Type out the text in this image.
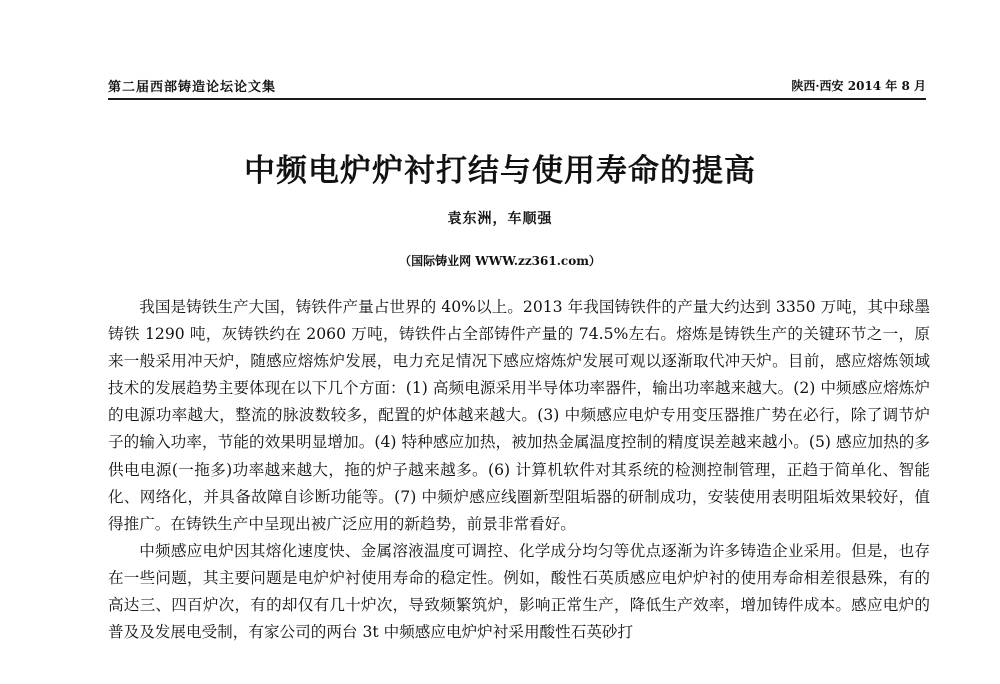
第二届西部铸造论坛论文集	陕西·西安 2014 年 8 月
中频电炉炉衬打结与使用寿命的提高
袁东洲，车顺强
（国际铸业网 WWW.zz361.com）

我国是铸铁生产大国，铸铁件产量占世界的 40%以上。2013 年我国铸铁件的产量大约达到 3350 万吨，其中球墨铸铁 1290 吨，灰铸铁约在 2060 万吨，铸铁件占全部铸件产量的 74.5%左右。熔炼是铸铁生产的关键环节之一，原来一般采用冲天炉，随感应熔炼炉发展，电力充足情况下感应熔炼炉发展可观以逐渐取代冲天炉。目前，感应熔炼领域技术的发展趋势主要体现在以下几个方面：(1) 高频电源采用半导体功率器件，输出功率越来越大。(2) 中频感应熔炼炉的电源功率越大，整流的脉波数较多，配置的炉体越来越大。(3) 中频感应电炉专用变压器推广势在必行，除了调节炉子的输入功率，节能的效果明显增加。(4) 特种感应加热，被加热金属温度控制的精度误差越来越小。(5) 感应加热的多供电电源(一拖多)功率越来越大，拖的炉子越来越多。(6) 计算机软件对其系统的检测控制管理，正趋于简单化、智能化、网络化，并具备故障自诊断功能等。(7) 中频炉感应线圈新型阻垢器的研制成功，安装使用表明阻垢效果较好，值得推广。在铸铁生产中呈现出被广泛应用的新趋势，前景非常看好。

中频感应电炉因其熔化速度快、金属溶液温度可调控、化学成分均匀等优点逐渐为许多铸造企业采用。但是，也存在一些问题，其主要问题是电炉炉衬使用寿命的稳定性。例如，酸性石英质感应电炉炉衬的使用寿命相差很悬殊，有的高达三、四百炉次，有的却仅有几十炉次，导致频繁筑炉，影响正常生产，降低生产效率，增加铸件成本。感应电炉的普及及发展电受制，有家公司的两台 3t 中频感应电炉炉衬采用酸性石英砂打
